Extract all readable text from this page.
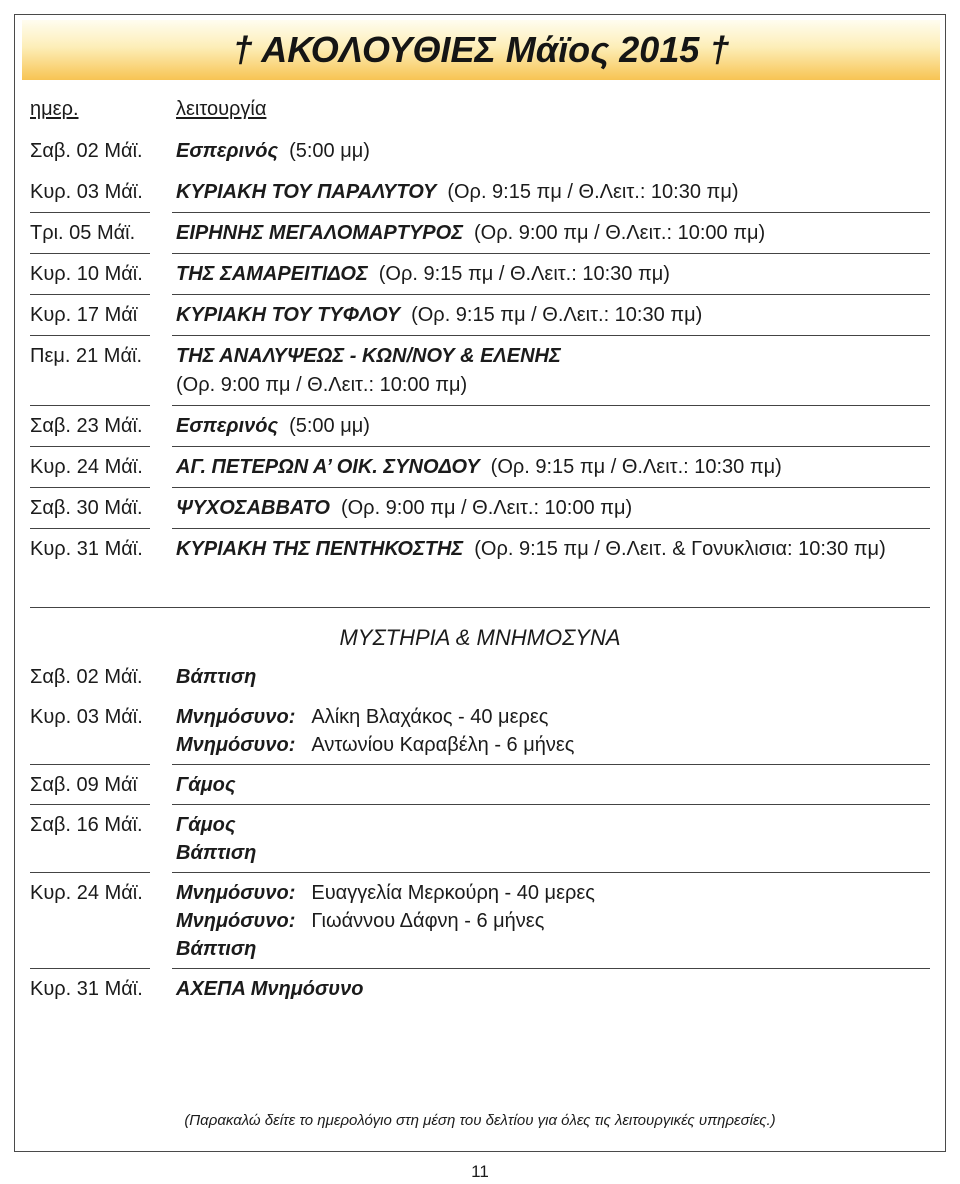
† ΑΚΟΛΟΥΘΙΕΣ Μάϊος 2015 †
ημερ.	λειτουργία
Σαβ. 02 Μάϊ.	Εσπερινός (5:00 μμ)
Κυρ. 03 Μάϊ.	ΚΥΡΙΑΚΗ ΤΟΥ ΠΑΡΑΛΥΤΟΥ (Ορ. 9:15 πμ / Θ.Λειτ.: 10:30 πμ)
Τρι. 05 Μάϊ.	ΕΙΡΗΝΗΣ ΜΕΓΑΛΟΜΑΡΤΥΡΟΣ (Ορ. 9:00 πμ / Θ.Λειτ.: 10:00 πμ)
Κυρ. 10 Μάϊ.	ΤΗΣ ΣΑΜΑΡΕΙΤΙΔΟΣ (Ορ. 9:15 πμ / Θ.Λειτ.: 10:30 πμ)
Κυρ. 17 Μάϊ	ΚΥΡΙΑΚΗ ΤΟΥ ΤΥΦΛΟΥ (Ορ. 9:15 πμ / Θ.Λειτ.: 10:30 πμ)
Πεμ. 21 Μάϊ.	ΤΗΣ ΑΝΑΛΥΨΕΩΣ - ΚΩΝ/ΝΟΥ & ΕΛΕΝΗΣ
(Ορ. 9:00 πμ / Θ.Λειτ.: 10:00 πμ)
Σαβ. 23 Μάϊ.	Εσπερινός (5:00 μμ)
Κυρ. 24 Μάϊ.	ΑΓ. ΠΕΤΕΡΩΝ Α’ ΟΙΚ. ΣΥΝΟΔΟΥ (Ορ. 9:15 πμ / Θ.Λειτ.: 10:30 πμ)
Σαβ. 30 Μάϊ.	ΨΥΧΟΣΑΒΒΑΤΟ (Ορ. 9:00 πμ / Θ.Λειτ.: 10:00 πμ)
Κυρ. 31 Μάϊ.	ΚΥΡΙΑΚΗ ΤΗΣ ΠΕΝΤΗΚΟΣΤΗΣ (Ορ. 9:15 πμ / Θ.Λειτ. & Γονυκλισια: 10:30 πμ)
ΜΥΣΤΗΡΙΑ & ΜΝΗΜΟΣΥΝΑ
Σαβ. 02 Μάϊ.	Βάπτιση
Κυρ. 03 Μάϊ.	Μνημόσυνο: Αλίκη Βλαχάκος - 40 μερες
Μνημόσυνο: Αντωνίου Καραβέλη - 6 μήνες
Σαβ. 09 Μάϊ	Γάμος
Σαβ. 16 Μάϊ.	Γάμος
Βάπτιση
Κυρ. 24 Μάϊ.	Μνημόσυνο: Ευαγγελία Μερκούρη - 40 μερες
Μνημόσυνο: Γιωάννου Δάφνη - 6 μήνες
Βάπτιση
Κυρ. 31 Μάϊ.	ΑΧΕΠΑ Μνημόσυνο
(Παρακαλώ δείτε το ημερολόγιο στη μέση του δελτίου για όλες τις λειτουργικές υπηρεσίες.)
11
